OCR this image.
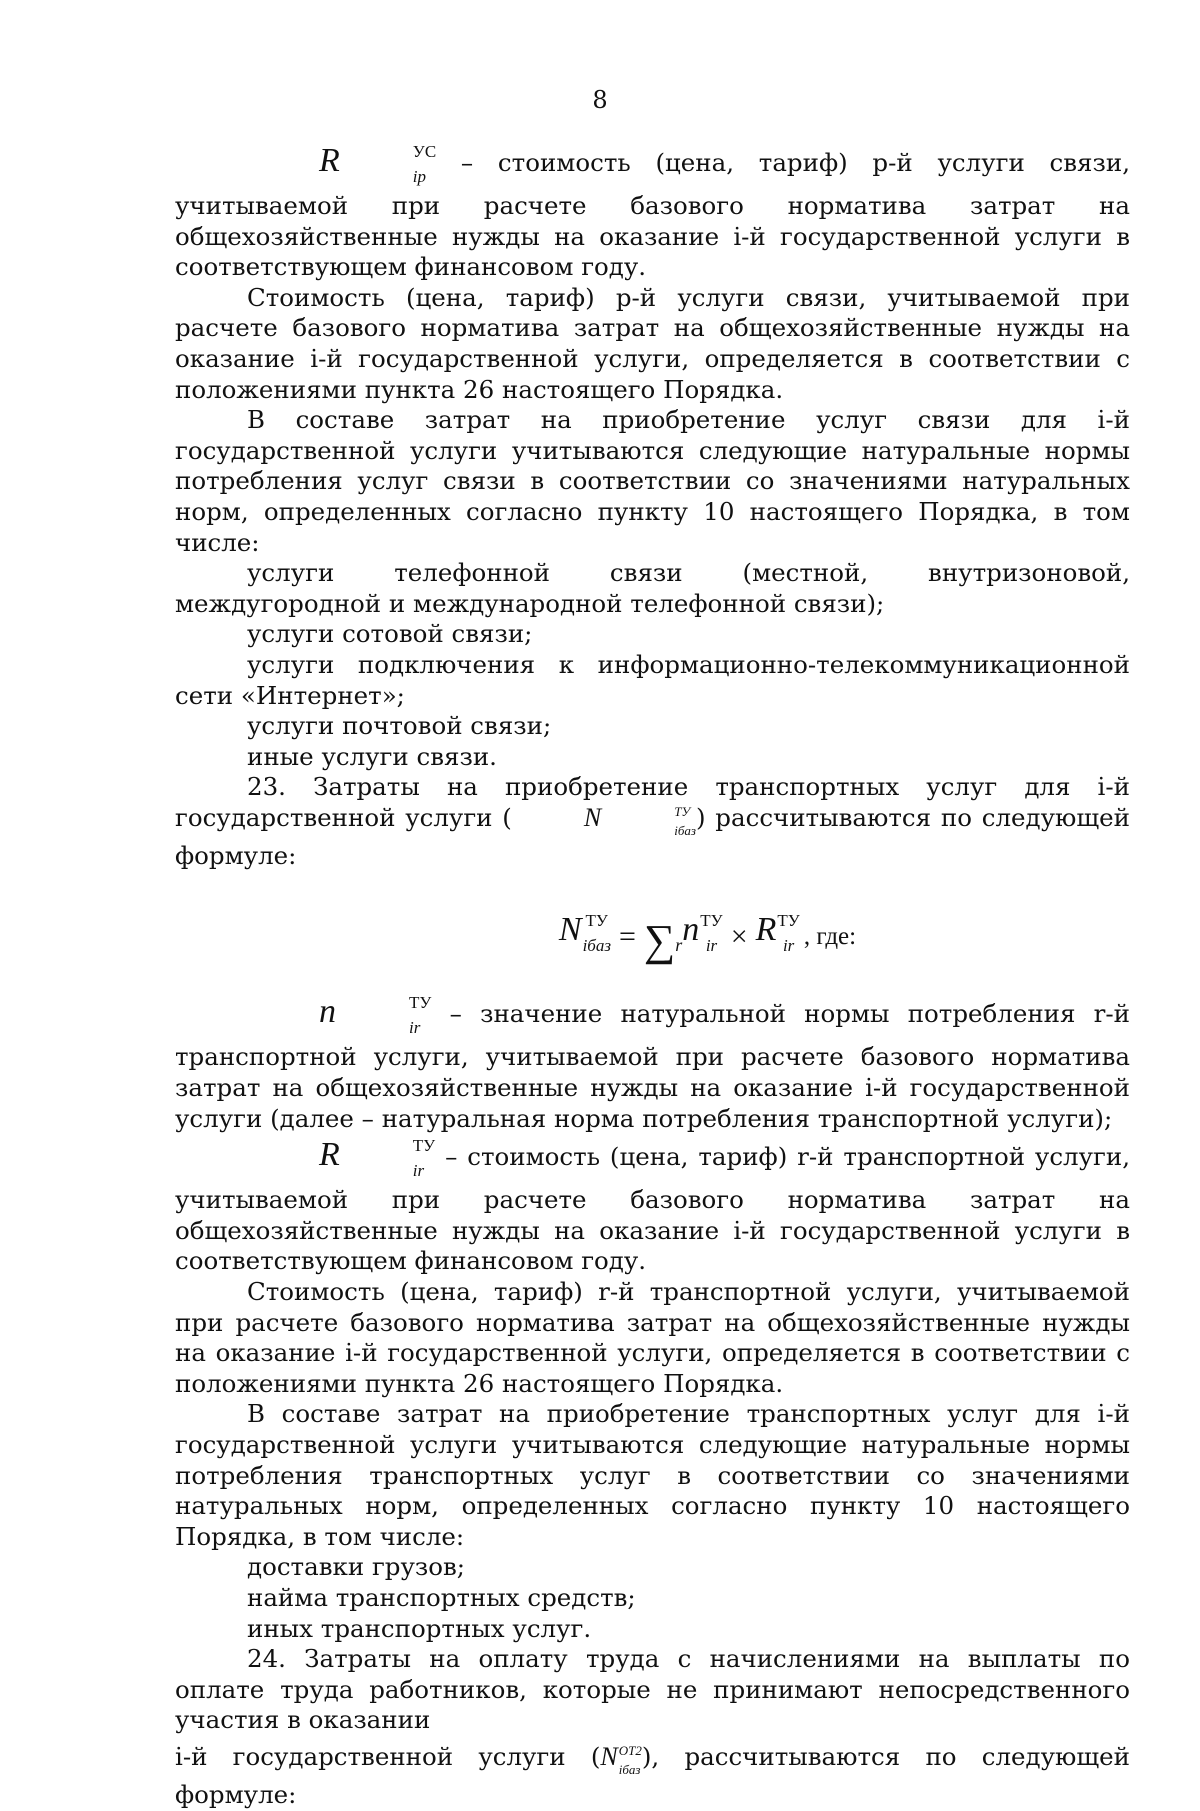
8

R	УС
ip	– стоимость (цена, тариф) p-й услуги связи, учитываемой при расчете базового норматива затрат на общехозяйственные нужды на оказание i-й государственной услуги в соответствующем финансовом году.

Стоимость (цена, тариф) p-й услуги связи, учитываемой при расчете базового норматива затрат на общехозяйственные нужды на оказание i-й государственной услуги, определяется в соответствии с положениями пункта 26 настоящего Порядка.

В составе затрат на приобретение услуг связи для i-й государственной услуги учитываются следующие натуральные нормы потребления услуг связи в соответствии со значениями натуральных норм, определенных согласно пункту 10 настоящего Порядка, в том числе:

услуги телефонной связи (местной, внутризоновой, междугородной и международной телефонной связи);

услуги сотовой связи;

услуги подключения к информационно-телекоммуникационной сети «Интернет»;

услуги почтовой связи;

иные услуги связи.

23. Затраты на приобретение транспортных услуг для i-й государственной услуги (	N	ТУ
iбаз ) рассчитываются по следующей формуле:

N ТУ
iбаз = ∑ r n ТУ
ir × R ТУ
ir , где:

n	ТУ
ir	– значение натуральной нормы потребления r-й транспортной услуги, учитываемой при расчете базового норматива затрат на общехозяйственные нужды на оказание i-й государственной услуги (далее – натуральная норма потребления транспортной услуги);

R	ТУ
ir – стоимость (цена, тариф) r-й транспортной услуги, учитываемой при расчете базового норматива затрат на общехозяйственные нужды на оказание i-й государственной услуги в соответствующем финансовом году.

Стоимость (цена, тариф) r-й транспортной услуги, учитываемой при расчете базового норматива затрат на общехозяйственные нужды на оказание i-й государственной услуги, определяется в соответствии с положениями пункта 26 настоящего Порядка.

В составе затрат на приобретение транспортных услуг для i-й государственной услуги учитываются следующие натуральные нормы потребления транспортных услуг в соответствии со значениями натуральных норм, определенных согласно пункту 10 настоящего Порядка, в том числе:

доставки грузов;

найма транспортных средств;

иных транспортных услуг.

24. Затраты на оплату труда с начислениями на выплаты по оплате труда работников, которые не принимают непосредственного участия в оказании

i-й государственной услуги ( N ОТ2
iбаз ), рассчитываются по следующей формуле:
